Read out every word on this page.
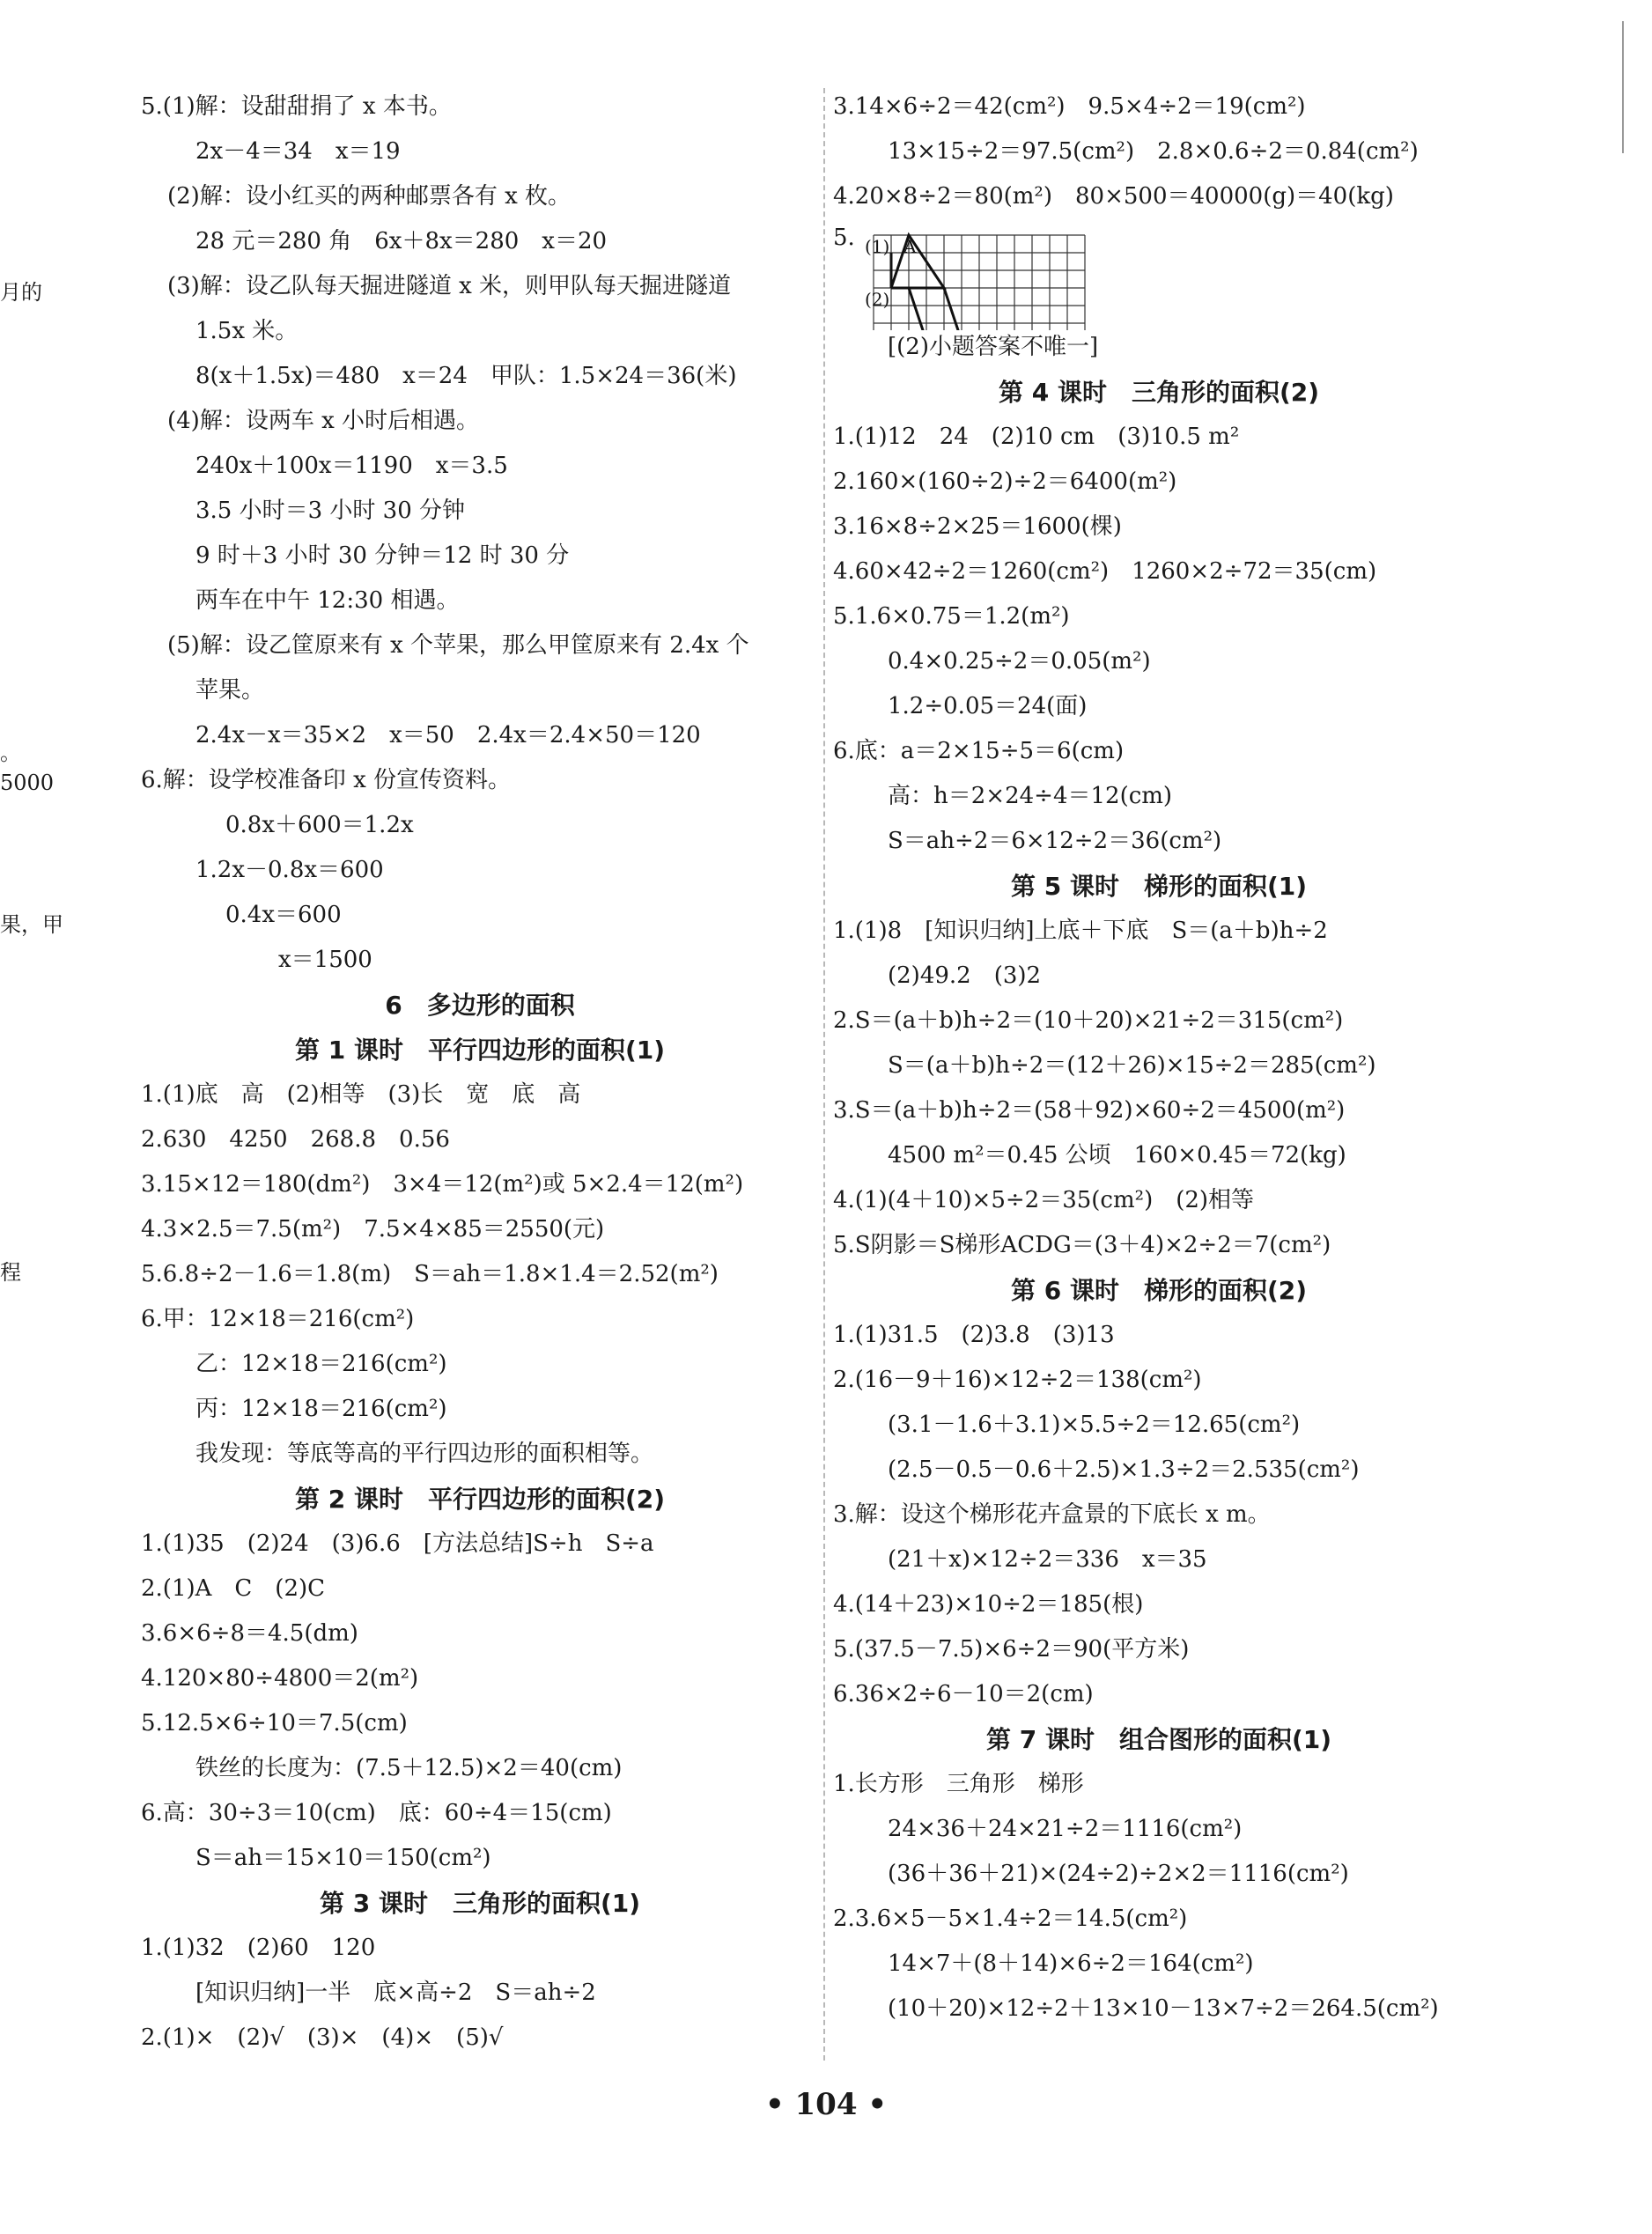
月的
。
5000
果，甲
程
5.(1)解：设甜甜捐了 x 本书。
2x－4＝34　x＝19
(2)解：设小红买的两种邮票各有 x 枚。
28 元＝280 角　6x＋8x＝280　x＝20
(3)解：设乙队每天掘进隧道 x 米，则甲队每天掘进隧道
1.5x 米。
8(x＋1.5x)＝480　x＝24　甲队：1.5×24＝36(米)
(4)解：设两车 x 小时后相遇。
240x＋100x＝1190　x＝3.5
3.5 小时＝3 小时 30 分钟
9 时＋3 小时 30 分钟＝12 时 30 分
两车在中午 12:30 相遇。
(5)解：设乙筐原来有 x 个苹果，那么甲筐原来有 2.4x 个
苹果。
2.4x－x＝35×2　x＝50　2.4x＝2.4×50＝120
6.解：设学校准备印 x 份宣传资料。
0.8x＋600＝1.2x
1.2x－0.8x＝600
0.4x＝600
x＝1500
6　多边形的面积
第 1 课时　平行四边形的面积(1)
1.(1)底　高　(2)相等　(3)长　宽　底　高
2.630　4250　268.8　0.56
3.15×12＝180(dm²)　3×4＝12(m²)或 5×2.4＝12(m²)
4.3×2.5＝7.5(m²)　7.5×4×85＝2550(元)
5.6.8÷2－1.6＝1.8(m)　S＝ah＝1.8×1.4＝2.52(m²)
6.甲：12×18＝216(cm²)
乙：12×18＝216(cm²)
丙：12×18＝216(cm²)
我发现：等底等高的平行四边形的面积相等。
第 2 课时　平行四边形的面积(2)
1.(1)35　(2)24　(3)6.6　[方法总结]S÷h　S÷a
2.(1)A　C　(2)C
3.6×6÷8＝4.5(dm)
4.120×80÷4800＝2(m²)
5.12.5×6÷10＝7.5(cm)
铁丝的长度为：(7.5＋12.5)×2＝40(cm)
6.高：30÷3＝10(cm)　底：60÷4＝15(cm)
S＝ah＝15×10＝150(cm²)
第 3 课时　三角形的面积(1)
1.(1)32　(2)60　120
[知识归纳]一半　底×高÷2　S＝ah÷2
2.(1)×　(2)√　(3)×　(4)×　(5)√
3.14×6÷2＝42(cm²)　9.5×4÷2＝19(cm²)
13×15÷2＝97.5(cm²)　2.8×0.6÷2＝0.84(cm²)
4.20×8÷2＝80(m²)　80×500＝40000(g)＝40(kg)
5. (1) A
(2)
[(2)小题答案不唯一]
第 4 课时　三角形的面积(2)
1.(1)12　24　(2)10 cm　(3)10.5 m²
2.160×(160÷2)÷2＝6400(m²)
3.16×8÷2×25＝1600(棵)
4.60×42÷2＝1260(cm²)　1260×2÷72＝35(cm)
5.1.6×0.75＝1.2(m²)
0.4×0.25÷2＝0.05(m²)
1.2÷0.05＝24(面)
6.底：a＝2×15÷5＝6(cm)
高：h＝2×24÷4＝12(cm)
S＝ah÷2＝6×12÷2＝36(cm²)
第 5 课时　梯形的面积(1)
1.(1)8　[知识归纳]上底＋下底　S＝(a＋b)h÷2
(2)49.2　(3)2
2.S＝(a＋b)h÷2＝(10＋20)×21÷2＝315(cm²)
S＝(a＋b)h÷2＝(12＋26)×15÷2＝285(cm²)
3.S＝(a＋b)h÷2＝(58＋92)×60÷2＝4500(m²)
4500 m²＝0.45 公顷　160×0.45＝72(kg)
4.(1)(4＋10)×5÷2＝35(cm²)　(2)相等
5.S阴影＝S梯形ACDG＝(3＋4)×2÷2＝7(cm²)
第 6 课时　梯形的面积(2)
1.(1)31.5　(2)3.8　(3)13
2.(16－9＋16)×12÷2＝138(cm²)
(3.1－1.6＋3.1)×5.5÷2＝12.65(cm²)
(2.5－0.5－0.6＋2.5)×1.3÷2＝2.535(cm²)
3.解：设这个梯形花卉盒景的下底长 x m。
(21＋x)×12÷2＝336　x＝35
4.(14＋23)×10÷2＝185(根)
5.(37.5－7.5)×6÷2＝90(平方米)
6.36×2÷6－10＝2(cm)
第 7 课时　组合图形的面积(1)
1.长方形　三角形　梯形
24×36＋24×21÷2＝1116(cm²)
(36＋36＋21)×(24÷2)÷2×2＝1116(cm²)
2.3.6×5－5×1.4÷2＝14.5(cm²)
14×7＋(8＋14)×6÷2＝164(cm²)
(10＋20)×12÷2＋13×10－13×7÷2＝264.5(cm²)
• 104 •
